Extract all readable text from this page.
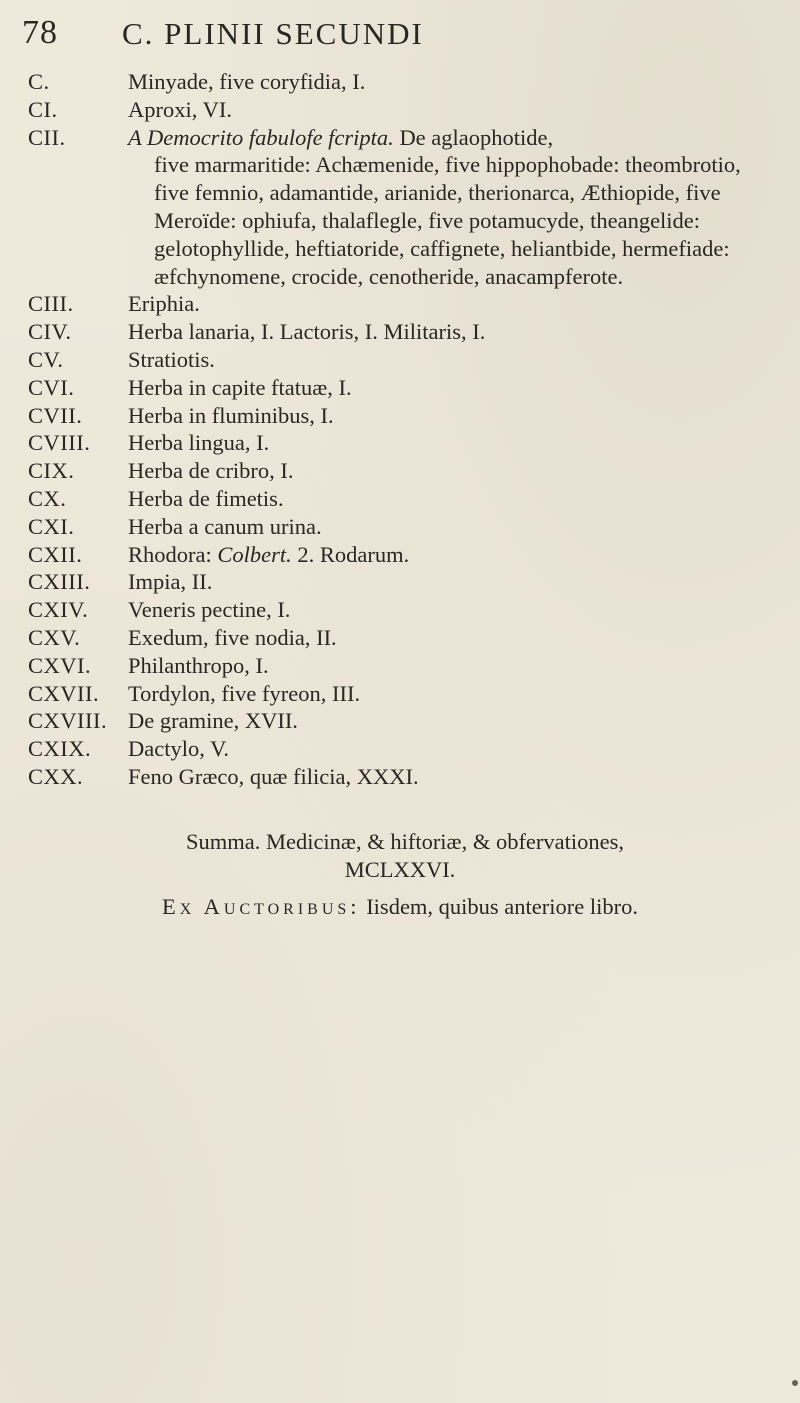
78 C. PLINII SECUNDI
C.	Minyade, five coryfidia, I.
CI.	Aproxi, VI.
CII.	A Democrito fabulofe fcripta. De aglaophotide,
five marmaritide: Achæmenide, five hippophobade: theombrotio, five femnio, adamantide, arianide, therionarca, Æthiopide, five Meroïde: ophiufa, thalaflegle, five potamucyde, theangelide: gelotophyllide, heftiatoride, caffignete, heliantbide, hermefiade: æfchynomene, crocide, cenotheride, anacampferote.
CIII.	Eriphia.
CIV.	Herba lanaria, I. Lactoris, I. Militaris, I.
CV.	Stratiotis.
CVI.	Herba in capite ftatuæ, I.
CVII.	Herba in fluminibus, I.
CVIII.	Herba lingua, I.
CIX.	Herba de cribro, I.
CX.	Herba de fimetis.
CXI.	Herba a canum urina.
CXII.	Rhodora: Colbert. 2. Rodarum.
CXIII.	Impia, II.
CXIV.	Veneris pectine, I.
CXV.	Exedum, five nodia, II.
CXVI.	Philanthropo, I.
CXVII.	Tordylon, five fyreon, III.
CXVIII. De gramine, XVII.
CXIX.	Dactylo, V.
CXX.	Feno Græco, quæ filicia, XXXI.
Summa. Medicinæ, & hiftoriæ, & obfervationes,
MCLXXVI.
Ex Auctoribus: Iisdem, quibus anteriore libro.
